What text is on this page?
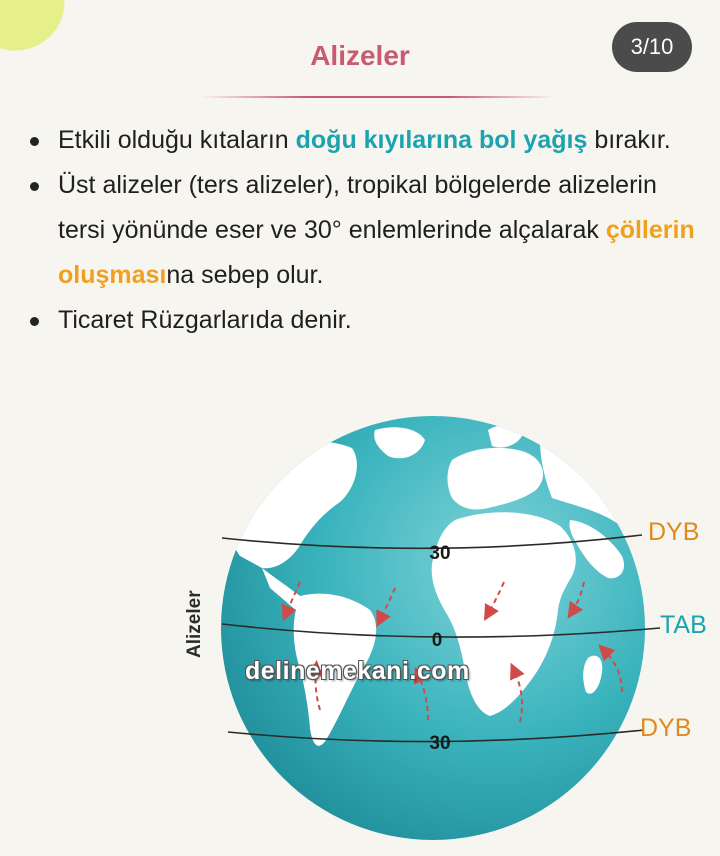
Alizeler	3/10
Etkili olduğu kıtaların doğu kıyılarına bol yağış bırakır.
Üst alizeler (ters alizeler), tropikal bölgelerde alizelerin tersi yönünde eser ve 30° enlemlerinde alçalarak çöllerin oluşmasına sebep olur.
Ticaret Rüzgarlarıda denir.
30
0
30
DYB
TAB
DYB
Alizeler
delinemekani.com
